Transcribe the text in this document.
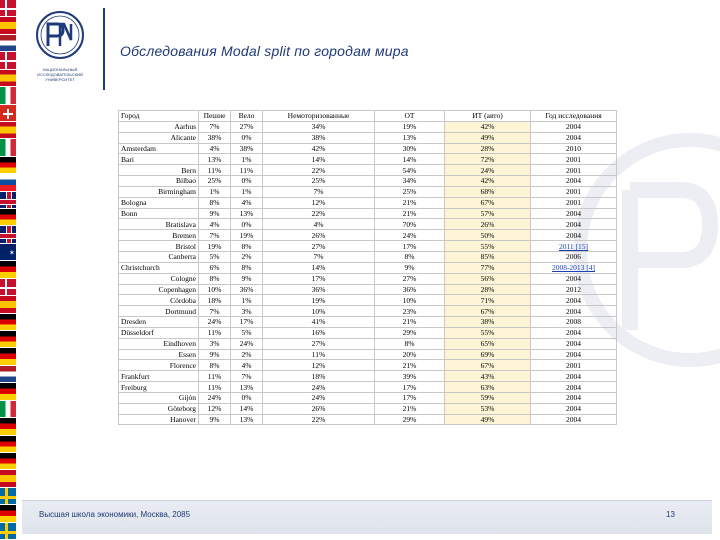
✶
НАЦИОНАЛЬНЫЙ ИССЛЕДОВАТЕЛЬСКИЙ УНИВЕРСИТЕТ
Обследования Modal split по городам мира
Город	Пешие	Вело	Немоторизованные	ОТ	ИТ (авто)	Год исследования
Aarhus	7%	27%	34%	19%	42%	2004
Alicante	38%	0%	38%	13%	49%	2004
Amsterdam	4%	38%	42%	30%	28%	2010
Bari	13%	1%	14%	14%	72%	2001
Bern	11%	11%	22%	54%	24%	2001
Bilbao	25%	0%	25%	34%	42%	2004
Birmingham	1%	1%	7%	25%	68%	2001
Bologna	8%	4%	12%	21%	67%	2001
Bonn	9%	13%	22%	21%	57%	2004
Bratislava	4%	0%	4%	70%	26%	2004
Bremen	7%	19%	26%	24%	50%	2004
Bristol	19%	8%	27%	17%	55%	2011 [15]
Canberra	5%	2%	7%	8%	85%	2006
Christchurch	6%	8%	14%	9%	77%	2008-2013 [4]
Cologne	8%	9%	17%	27%	56%	2004
Copenhagen	10%	36%	36%	36%	28%	2012
Córdoba	18%	1%	19%	10%	71%	2004
Dortmund	7%	3%	10%	23%	67%	2004
Dresden	24%	17%	41%	21%	38%	2008
Düsseldorf	11%	5%	16%	29%	55%	2004
Eindhoven	3%	24%	27%	8%	65%	2004
Essen	9%	2%	11%	20%	69%	2004
Florence	8%	4%	12%	21%	67%	2001
Frankfurt	11%	7%	18%	39%	43%	2004
Freiburg	11%	13%	24%	17%	63%	2004
Gijón	24%	0%	24%	17%	59%	2004
Göteborg	12%	14%	26%	21%	53%	2004
Hanover	9%	13%	22%	29%	49%	2004
Высшая школа экономики, Москва, 2085	13
